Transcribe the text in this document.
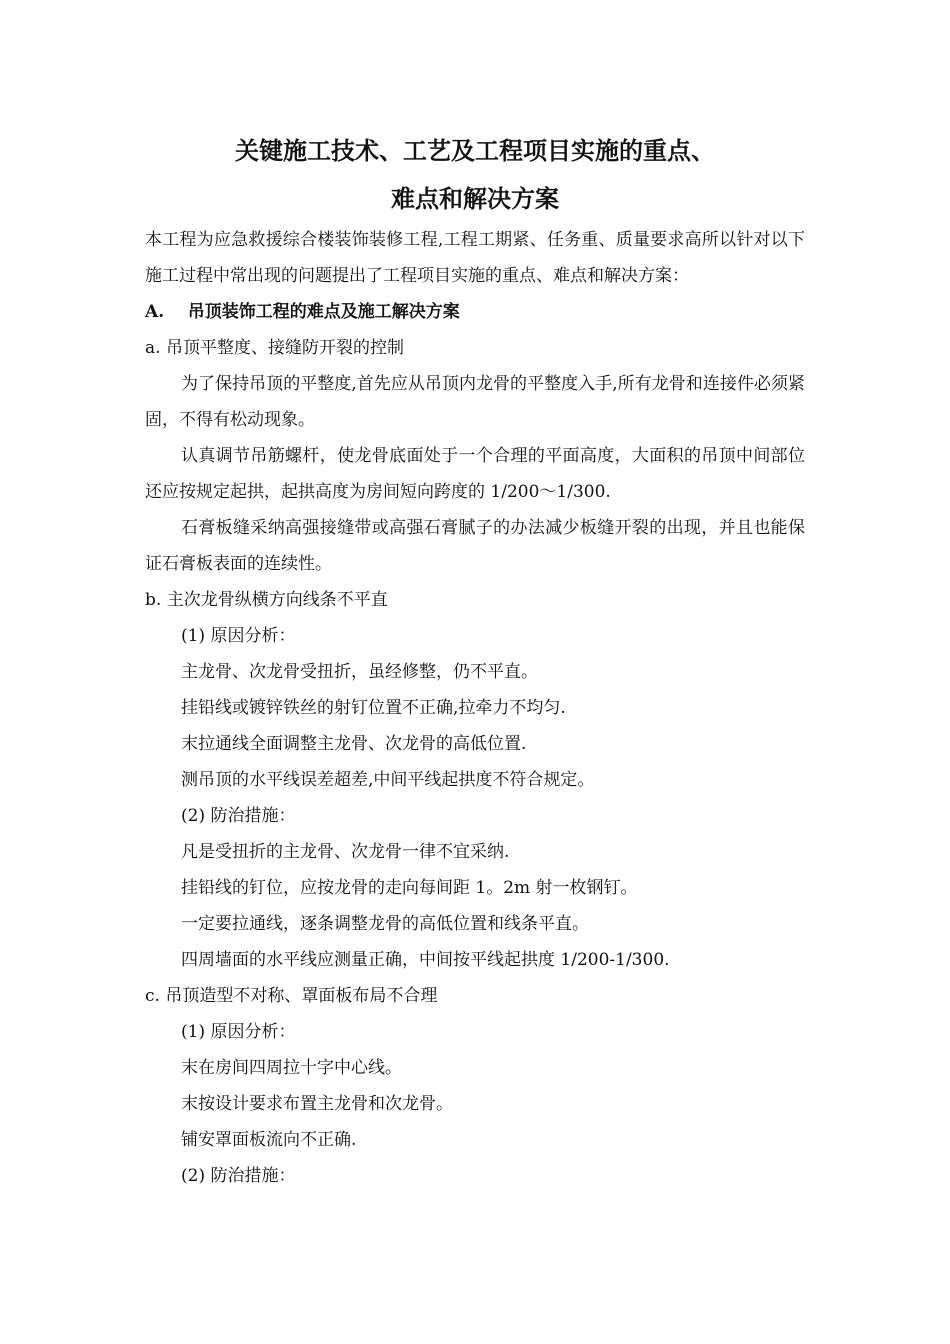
关键施工技术、工艺及工程项目实施的重点、
难点和解决方案

本工程为应急救援综合楼装饰装修工程,工程工期紧、任务重、质量要求高所以针对以下施工过程中常出现的问题提出了工程项目实施的重点、难点和解决方案：

A.    吊顶装饰工程的难点及施工解决方案

a. 吊顶平整度、接缝防开裂的控制

为了保持吊顶的平整度,首先应从吊顶内龙骨的平整度入手,所有龙骨和连接件必须紧固，不得有松动现象。

认真调节吊筋螺杆，使龙骨底面处于一个合理的平面高度，大面积的吊顶中间部位还应按规定起拱，起拱高度为房间短向跨度的 1/200～1/300.

石膏板缝采纳高强接缝带或高强石膏腻子的办法减少板缝开裂的出现，并且也能保证石膏板表面的连续性。

b. 主次龙骨纵横方向线条不平直

(1) 原因分析：

主龙骨、次龙骨受扭折，虽经修整，仍不平直。

挂铅线或镀锌铁丝的射钉位置不正确,拉牵力不均匀.

末拉通线全面调整主龙骨、次龙骨的高低位置.

测吊顶的水平线误差超差,中间平线起拱度不符合规定。

(2) 防治措施：

凡是受扭折的主龙骨、次龙骨一律不宜采纳.

挂铅线的钉位，应按龙骨的走向每间距 1。2m 射一枚钢钉。

一定要拉通线，逐条调整龙骨的高低位置和线条平直。

四周墙面的水平线应测量正确，中间按平线起拱度 1/200-1/300.

c. 吊顶造型不对称、罩面板布局不合理

(1) 原因分析：

末在房间四周拉十字中心线。

末按设计要求布置主龙骨和次龙骨。

铺安罩面板流向不正确.

(2) 防治措施：
